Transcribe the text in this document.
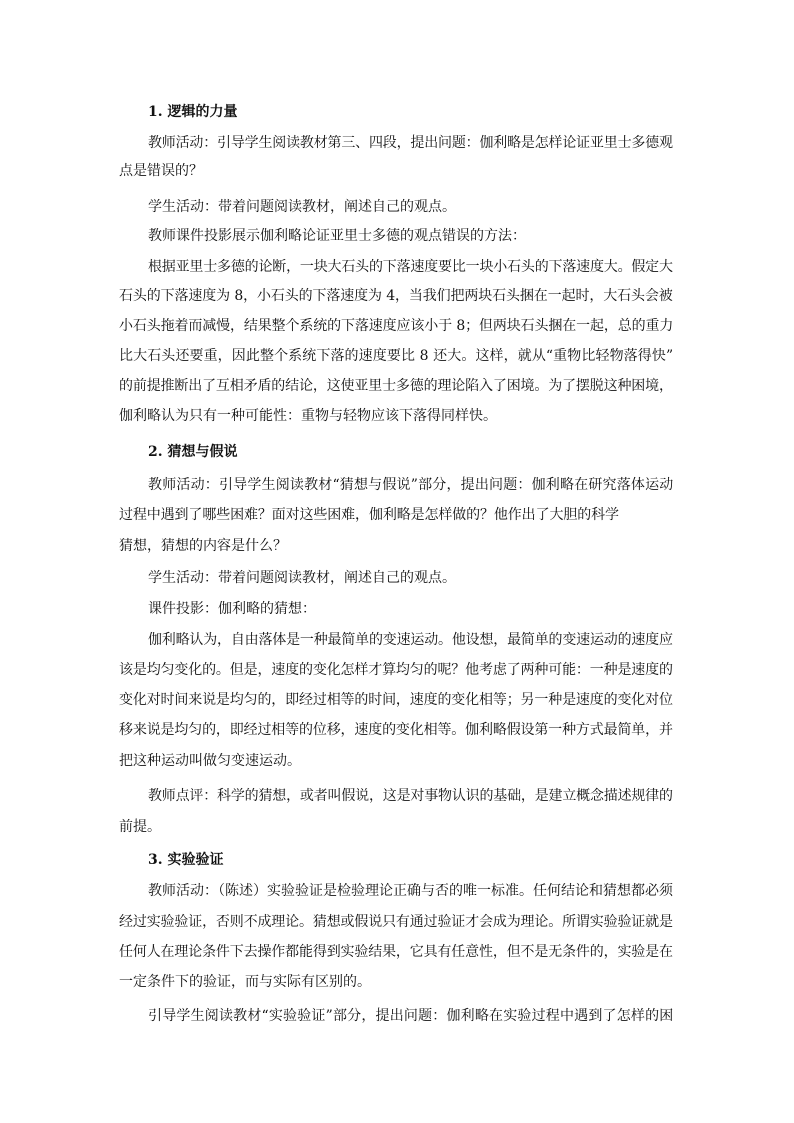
1. 逻辑的力量
教师活动：引导学生阅读教材第三、四段，提出问题：伽利略是怎样论证亚里士多德观
点是错误的？
学生活动：带着问题阅读教材，阐述自己的观点。
教师课件投影展示伽利略论证亚里士多德的观点错误的方法：
根据亚里士多德的论断，一块大石头的下落速度要比一块小石头的下落速度大。假定大
石头的下落速度为 8，小石头的下落速度为 4，当我们把两块石头捆在一起时，大石头会被
小石头拖着而减慢，结果整个系统的下落速度应该小于 8；但两块石头捆在一起，总的重力
比大石头还要重，因此整个系统下落的速度要比 8 还大。这样，就从“重物比轻物落得快”
的前提推断出了互相矛盾的结论，这使亚里士多德的理论陷入了困境。为了摆脱这种困境，
伽利略认为只有一种可能性：重物与轻物应该下落得同样快。
2. 猜想与假说
教师活动：引导学生阅读教材“猜想与假说”部分，提出问题：伽利略在研究落体运动
过程中遇到了哪些困难？面对这些困难，伽利略是怎样做的？他作出了大胆的科学
猜想，猜想的内容是什么？
学生活动：带着问题阅读教材，阐述自己的观点。
课件投影：伽利略的猜想：
伽利略认为，自由落体是一种最简单的变速运动。他设想，最简单的变速运动的速度应
该是均匀变化的。但是，速度的变化怎样才算均匀的呢？他考虑了两种可能：一种是速度的
变化对时间来说是均匀的，即经过相等的时间，速度的变化相等；另一种是速度的变化对位
移来说是均匀的，即经过相等的位移，速度的变化相等。伽利略假设第一种方式最简单，并
把这种运动叫做匀变速运动。
教师点评：科学的猜想，或者叫假说，这是对事物认识的基础，是建立概念描述规律的
前提。
3. 实验验证
教师活动：（陈述）实验验证是检验理论正确与否的唯一标准。任何结论和猜想都必须
经过实验验证，否则不成理论。猜想或假说只有通过验证才会成为理论。所谓实验验证就是
任何人在理论条件下去操作都能得到实验结果，它具有任意性，但不是无条件的，实验是在
一定条件下的验证，而与实际有区别的。
引导学生阅读教材“实验验证”部分，提出问题：伽利略在实验过程中遇到了怎样的困
